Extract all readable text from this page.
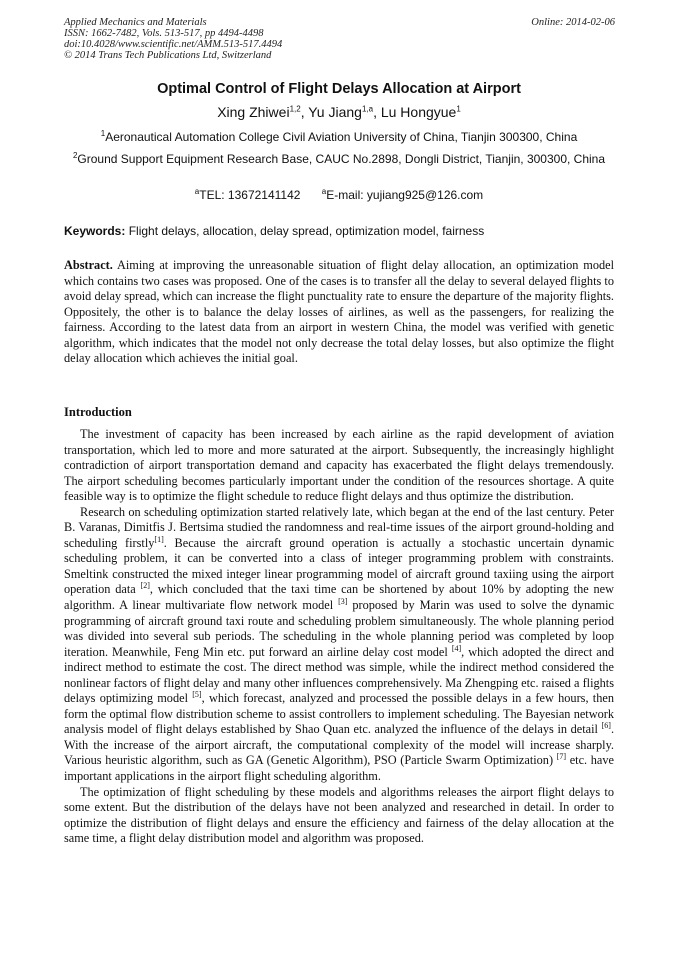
Applied Mechanics and Materials
ISSN: 1662-7482, Vols. 513-517, pp 4494-4498
doi:10.4028/www.scientific.net/AMM.513-517.4494
© 2014 Trans Tech Publications Ltd, Switzerland
Online: 2014-02-06
Optimal Control of Flight Delays Allocation at Airport
Xing Zhiwei$^{1,2}$, Yu Jiang$^{1,a}$, Lu Hongyue$^1$
$^1$Aeronautical Automation College Civil Aviation University of China, Tianjin 300300, China
$^2$Ground Support Equipment Research Base, CAUC No.2898, Dongli District, Tianjin, 300300, China
$^a$TEL: 13672141142	$^a$E-mail: yujiang925@126.com
Keywords: Flight delays, allocation, delay spread, optimization model, fairness

Abstract. Aiming at improving the unreasonable situation of flight delay allocation, an optimization model which contains two cases was proposed. One of the cases is to transfer all the delay to several delayed flights to avoid delay spread, which can increase the flight punctuality rate to ensure the departure of the majority flights. Oppositely, the other is to balance the delay losses of airlines, as well as the passengers, for realizing the fairness. According to the latest data from an airport in western China, the model was verified with genetic algorithm, which indicates that the model not only decrease the total delay losses, but also optimize the flight delay allocation which achieves the initial goal.

Introduction

The investment of capacity has been increased by each airline as the rapid development of aviation transportation, which led to more and more saturated at the airport. Subsequently, the increasingly highlight contradiction of airport transportation demand and capacity has exacerbated the flight delays tremendously. The airport scheduling becomes particularly important under the condition of the resources shortage. A quite feasible way is to optimize the flight schedule to reduce flight delays and thus optimize the distribution.

Research on scheduling optimization started relatively late, which began at the end of the last century. Peter B. Varanas, Dimitfis J. Bertsima studied the randomness and real-time issues of the airport ground-holding and scheduling firstly[1]. Because the aircraft ground operation is actually a stochastic uncertain dynamic scheduling problem, it can be converted into a class of integer programming problem with constraints. Smeltink constructed the mixed integer linear programming model of aircraft ground taxiing using the airport operation data [2], which concluded that the taxi time can be shortened by about 10% by adopting the new algorithm. A linear multivariate flow network model [3] proposed by Marin was used to solve the dynamic programming of aircraft ground taxi route and scheduling problem simultaneously. The whole planning period was divided into several sub periods. The scheduling in the whole planning period was completed by loop iteration. Meanwhile, Feng Min etc. put forward an airline delay cost model [4], which adopted the direct and indirect method to estimate the cost. The direct method was simple, while the indirect method considered the nonlinear factors of flight delay and many other influences comprehensively. Ma Zhengping etc. raised a flights delays optimizing model [5], which forecast, analyzed and processed the possible delays in a few hours, then form the optimal flow distribution scheme to assist controllers to implement scheduling. The Bayesian network analysis model of flight delays established by Shao Quan etc. analyzed the influence of the delays in detail [6]. With the increase of the airport aircraft, the computational complexity of the model will increase sharply. Various heuristic algorithm, such as GA (Genetic Algorithm), PSO (Particle Swarm Optimization) [7] etc. have important applications in the airport flight scheduling algorithm.

The optimization of flight scheduling by these models and algorithms releases the airport flight delays to some extent. But the distribution of the delays have not been analyzed and researched in detail. In order to optimize the distribution of flight delays and ensure the efficiency and fairness of the delay allocation at the same time, a flight delay distribution model and algorithm was proposed.
